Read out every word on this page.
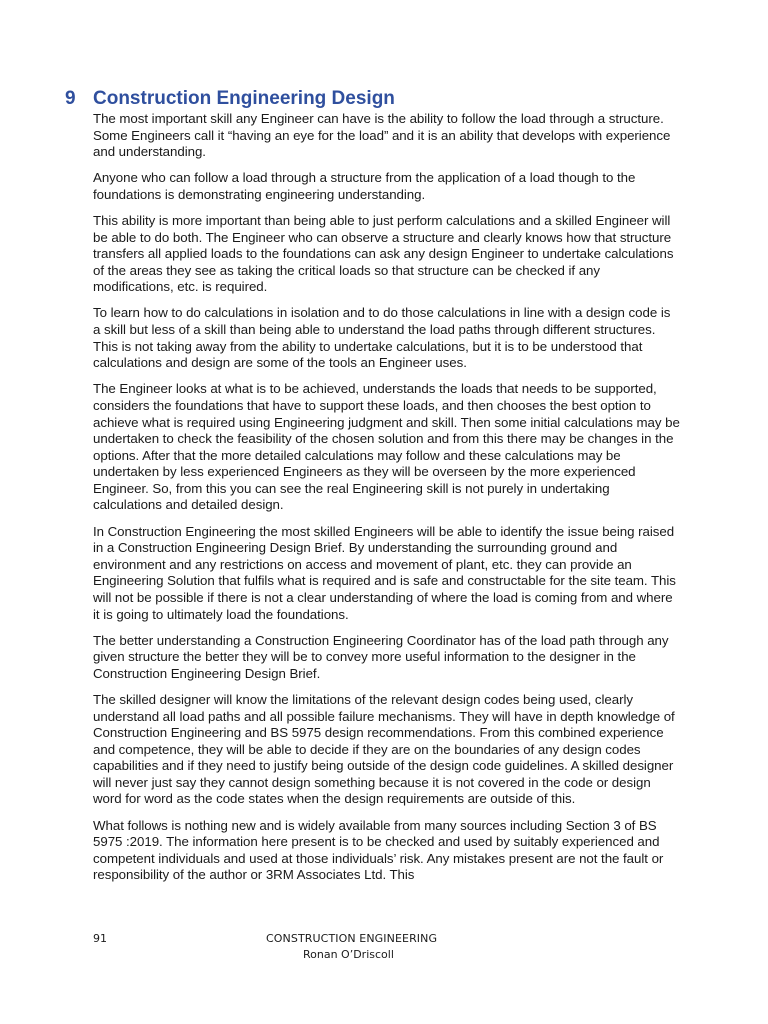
9 Construction Engineering Design

The most important skill any Engineer can have is the ability to follow the load through a structure. Some Engineers call it “having an eye for the load” and it is an ability that develops with experience and understanding.

Anyone who can follow a load through a structure from the application of a load though to the foundations is demonstrating engineering understanding.

This ability is more important than being able to just perform calculations and a skilled Engineer will be able to do both. The Engineer who can observe a structure and clearly knows how that structure transfers all applied loads to the foundations can ask any design Engineer to undertake calculations of the areas they see as taking the critical loads so that structure can be checked if any modifications, etc. is required.

To learn how to do calculations in isolation and to do those calculations in line with a design code is a skill but less of a skill than being able to understand the load paths through different structures. This is not taking away from the ability to undertake calculations, but it is to be understood that calculations and design are some of the tools an Engineer uses.

The Engineer looks at what is to be achieved, understands the loads that needs to be supported, considers the foundations that have to support these loads, and then chooses the best option to achieve what is required using Engineering judgment and skill. Then some initial calculations may be undertaken to check the feasibility of the chosen solution and from this there may be changes in the options. After that the more detailed calculations may follow and these calculations may be undertaken by less experienced Engineers as they will be overseen by the more experienced Engineer. So, from this you can see the real Engineering skill is not purely in undertaking calculations and detailed design.

In Construction Engineering the most skilled Engineers will be able to identify the issue being raised in a Construction Engineering Design Brief. By understanding the surrounding ground and environment and any restrictions on access and movement of plant, etc. they can provide an Engineering Solution that fulfils what is required and is safe and constructable for the site team. This will not be possible if there is not a clear understanding of where the load is coming from and where it is going to ultimately load the foundations.

The better understanding a Construction Engineering Coordinator has of the load path through any given structure the better they will be to convey more useful information to the designer in the Construction Engineering Design Brief.

The skilled designer will know the limitations of the relevant design codes being used, clearly understand all load paths and all possible failure mechanisms. They will have in depth knowledge of Construction Engineering and BS 5975 design recommendations. From this combined experience and competence, they will be able to decide if they are on the boundaries of any design codes capabilities and if they need to justify being outside of the design code guidelines. A skilled designer will never just say they cannot design something because it is not covered in the code or design word for word as the code states when the design requirements are outside of this.

What follows is nothing new and is widely available from many sources including Section 3 of BS 5975 :2019. The information here present is to be checked and used by suitably experienced and competent individuals and used at those individuals’ risk. Any mistakes present are not the fault or responsibility of the author or 3RM Associates Ltd. This

91	CONSTRUCTION ENGINEERING
Ronan O’Driscoll
